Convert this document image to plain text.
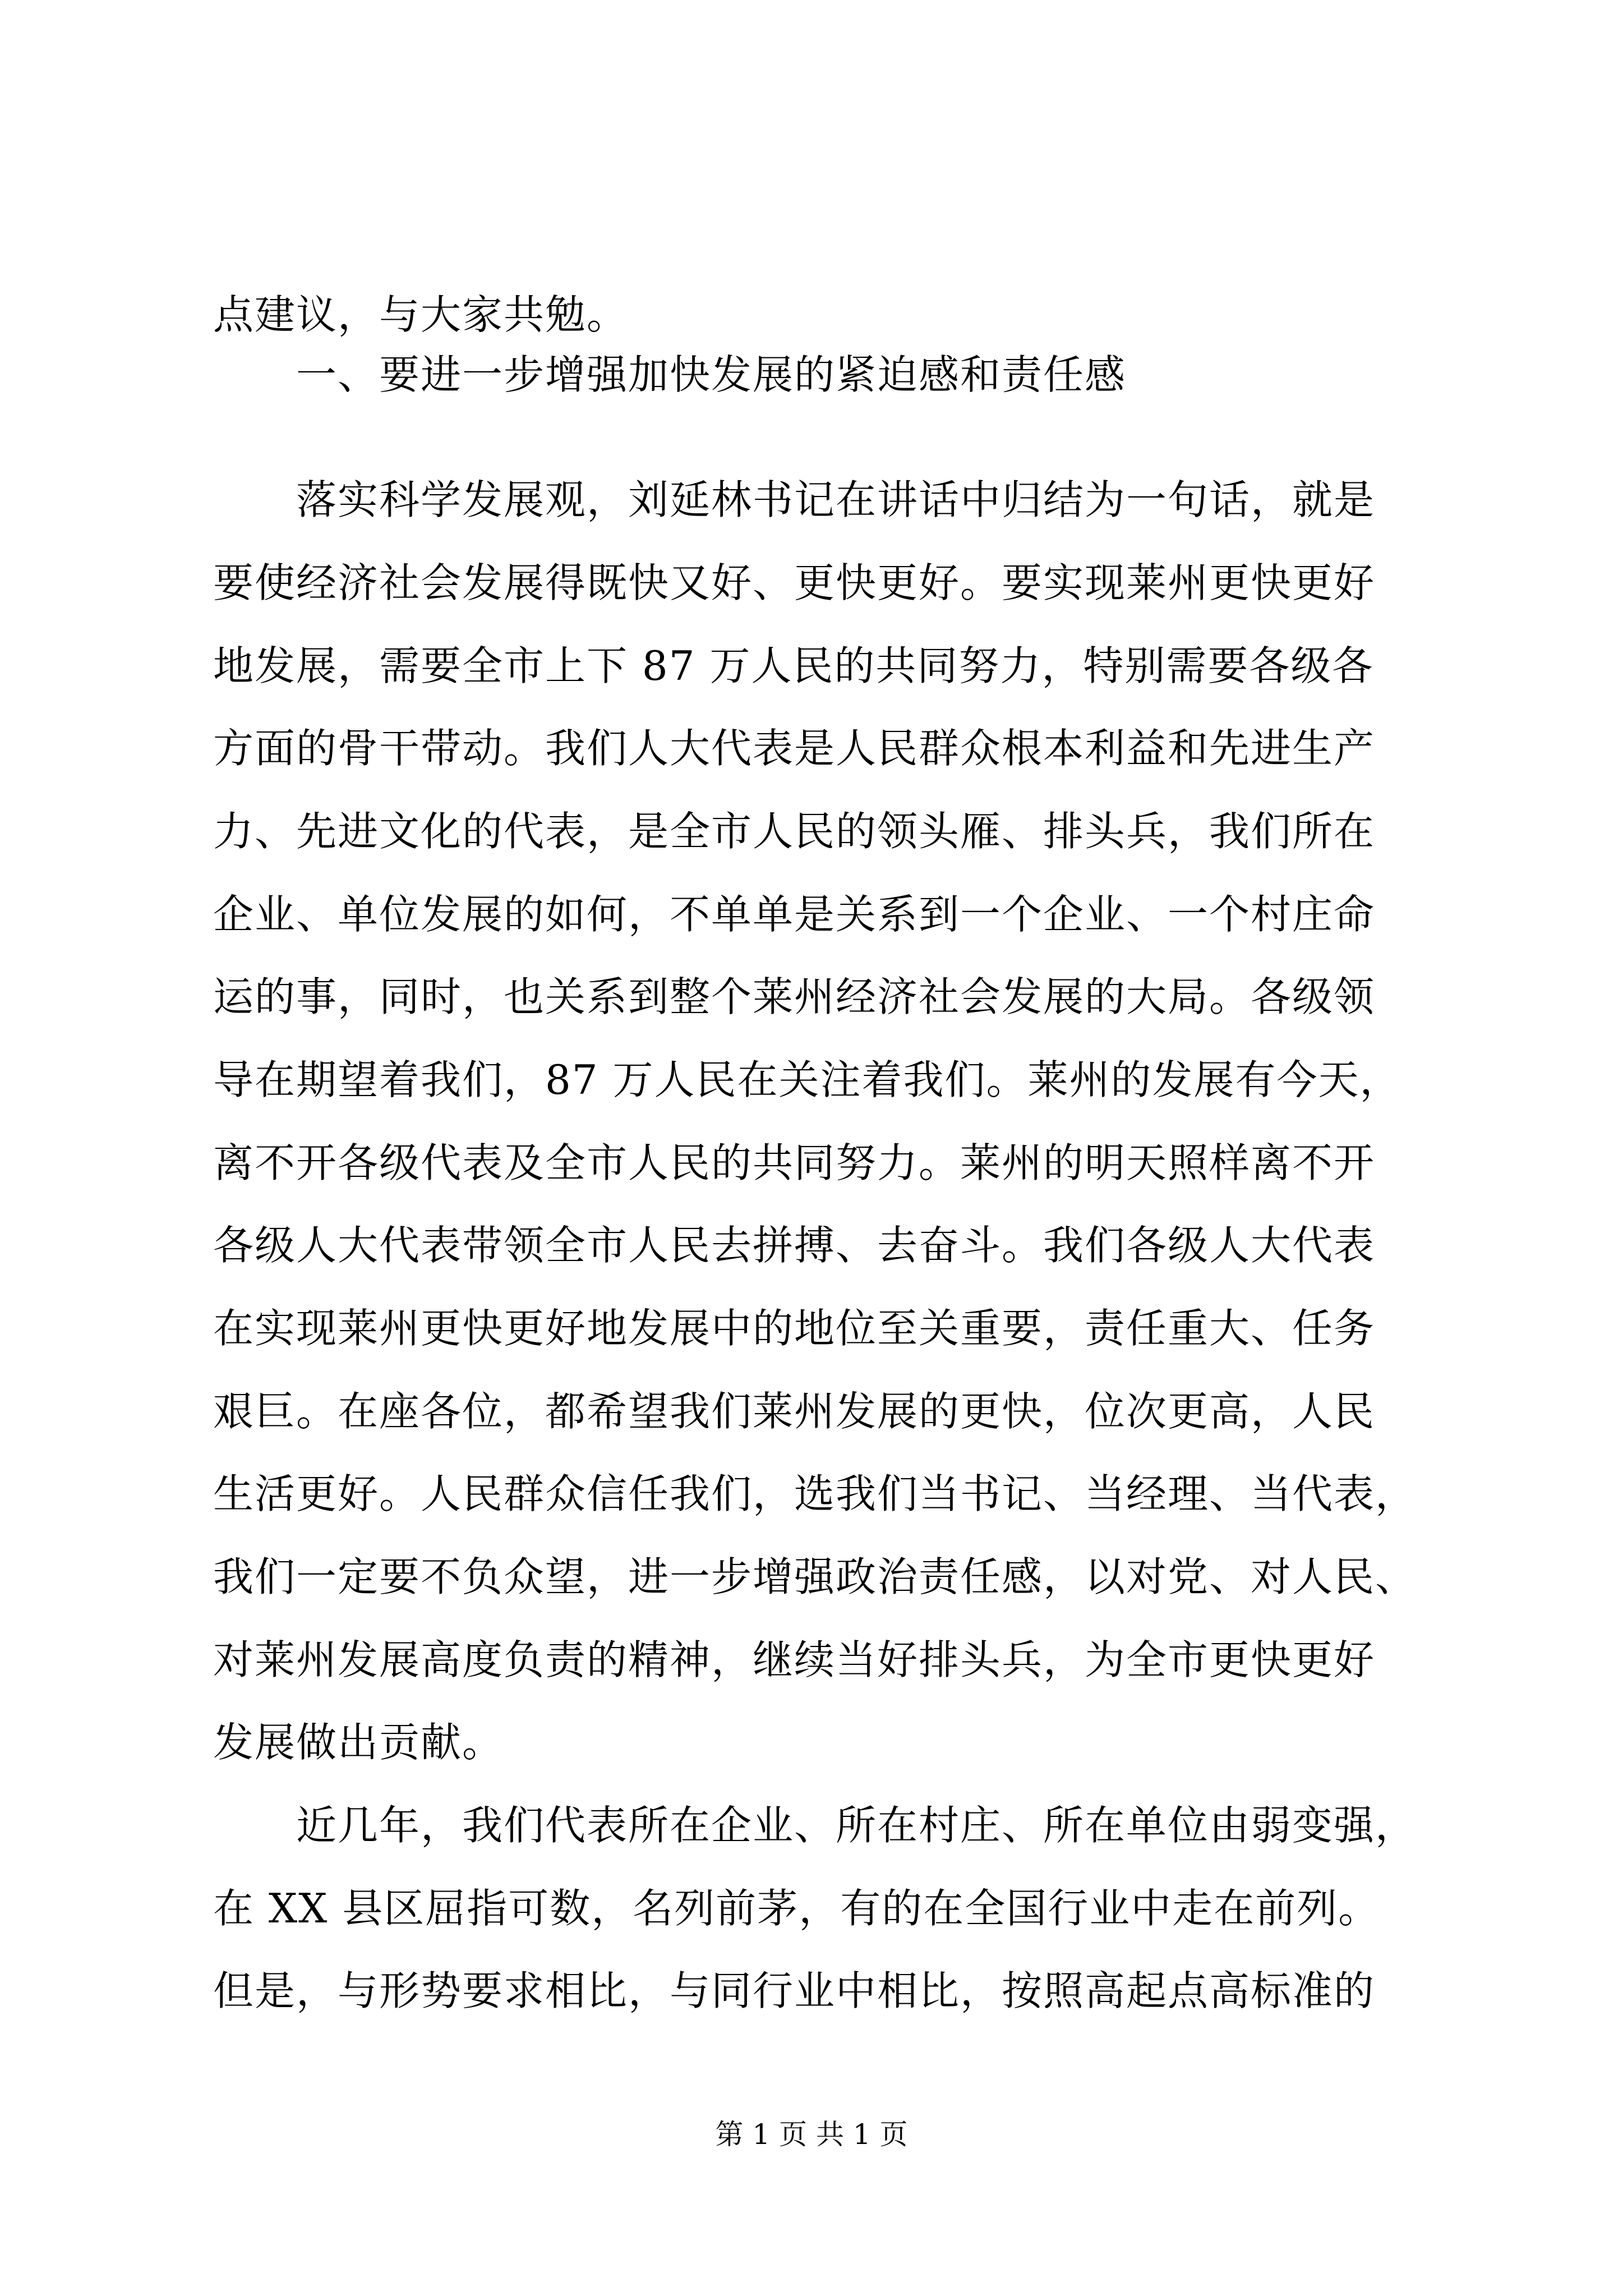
点建议，与大家共勉。
一、要进一步增强加快发展的紧迫感和责任感
落实科学发展观，刘延林书记在讲话中归结为一句话，就是
要使经济社会发展得既快又好、更快更好。要实现莱州更快更好
地发展，需要全市上下 87 万人民的共同努力，特别需要各级各
方面的骨干带动。我们人大代表是人民群众根本利益和先进生产
力、先进文化的代表，是全市人民的领头雁、排头兵，我们所在
企业、单位发展的如何，不单单是关系到一个企业、一个村庄命
运的事，同时，也关系到整个莱州经济社会发展的大局。各级领
导在期望着我们，87 万人民在关注着我们。莱州的发展有今天，
离不开各级代表及全市人民的共同努力。莱州的明天照样离不开
各级人大代表带领全市人民去拼搏、去奋斗。我们各级人大代表
在实现莱州更快更好地发展中的地位至关重要，责任重大、任务
艰巨。在座各位，都希望我们莱州发展的更快，位次更高，人民
生活更好。人民群众信任我们，选我们当书记、当经理、当代表，
我们一定要不负众望，进一步增强政治责任感，以对党、对人民、
对莱州发展高度负责的精神，继续当好排头兵，为全市更快更好
发展做出贡献。
近几年，我们代表所在企业、所在村庄、所在单位由弱变强，
在 XX 县区屈指可数，名列前茅，有的在全国行业中走在前列。
但是，与形势要求相比，与同行业中相比，按照高起点高标准的
第 1 页 共 1 页
